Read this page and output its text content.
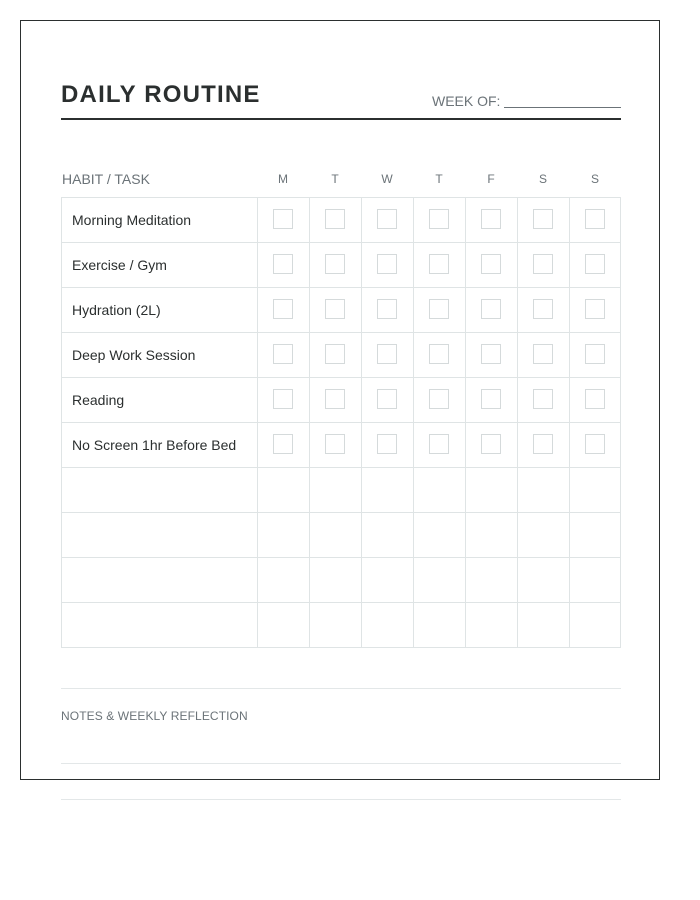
DAILY ROUTINE	WEEK OF:
HABIT / TASK	M	T	W	T	F	S	S
Morning Meditation
Exercise / Gym
Hydration (2L)
Deep Work Session
Reading
No Screen 1hr Before Bed
NOTES & WEEKLY REFLECTION
